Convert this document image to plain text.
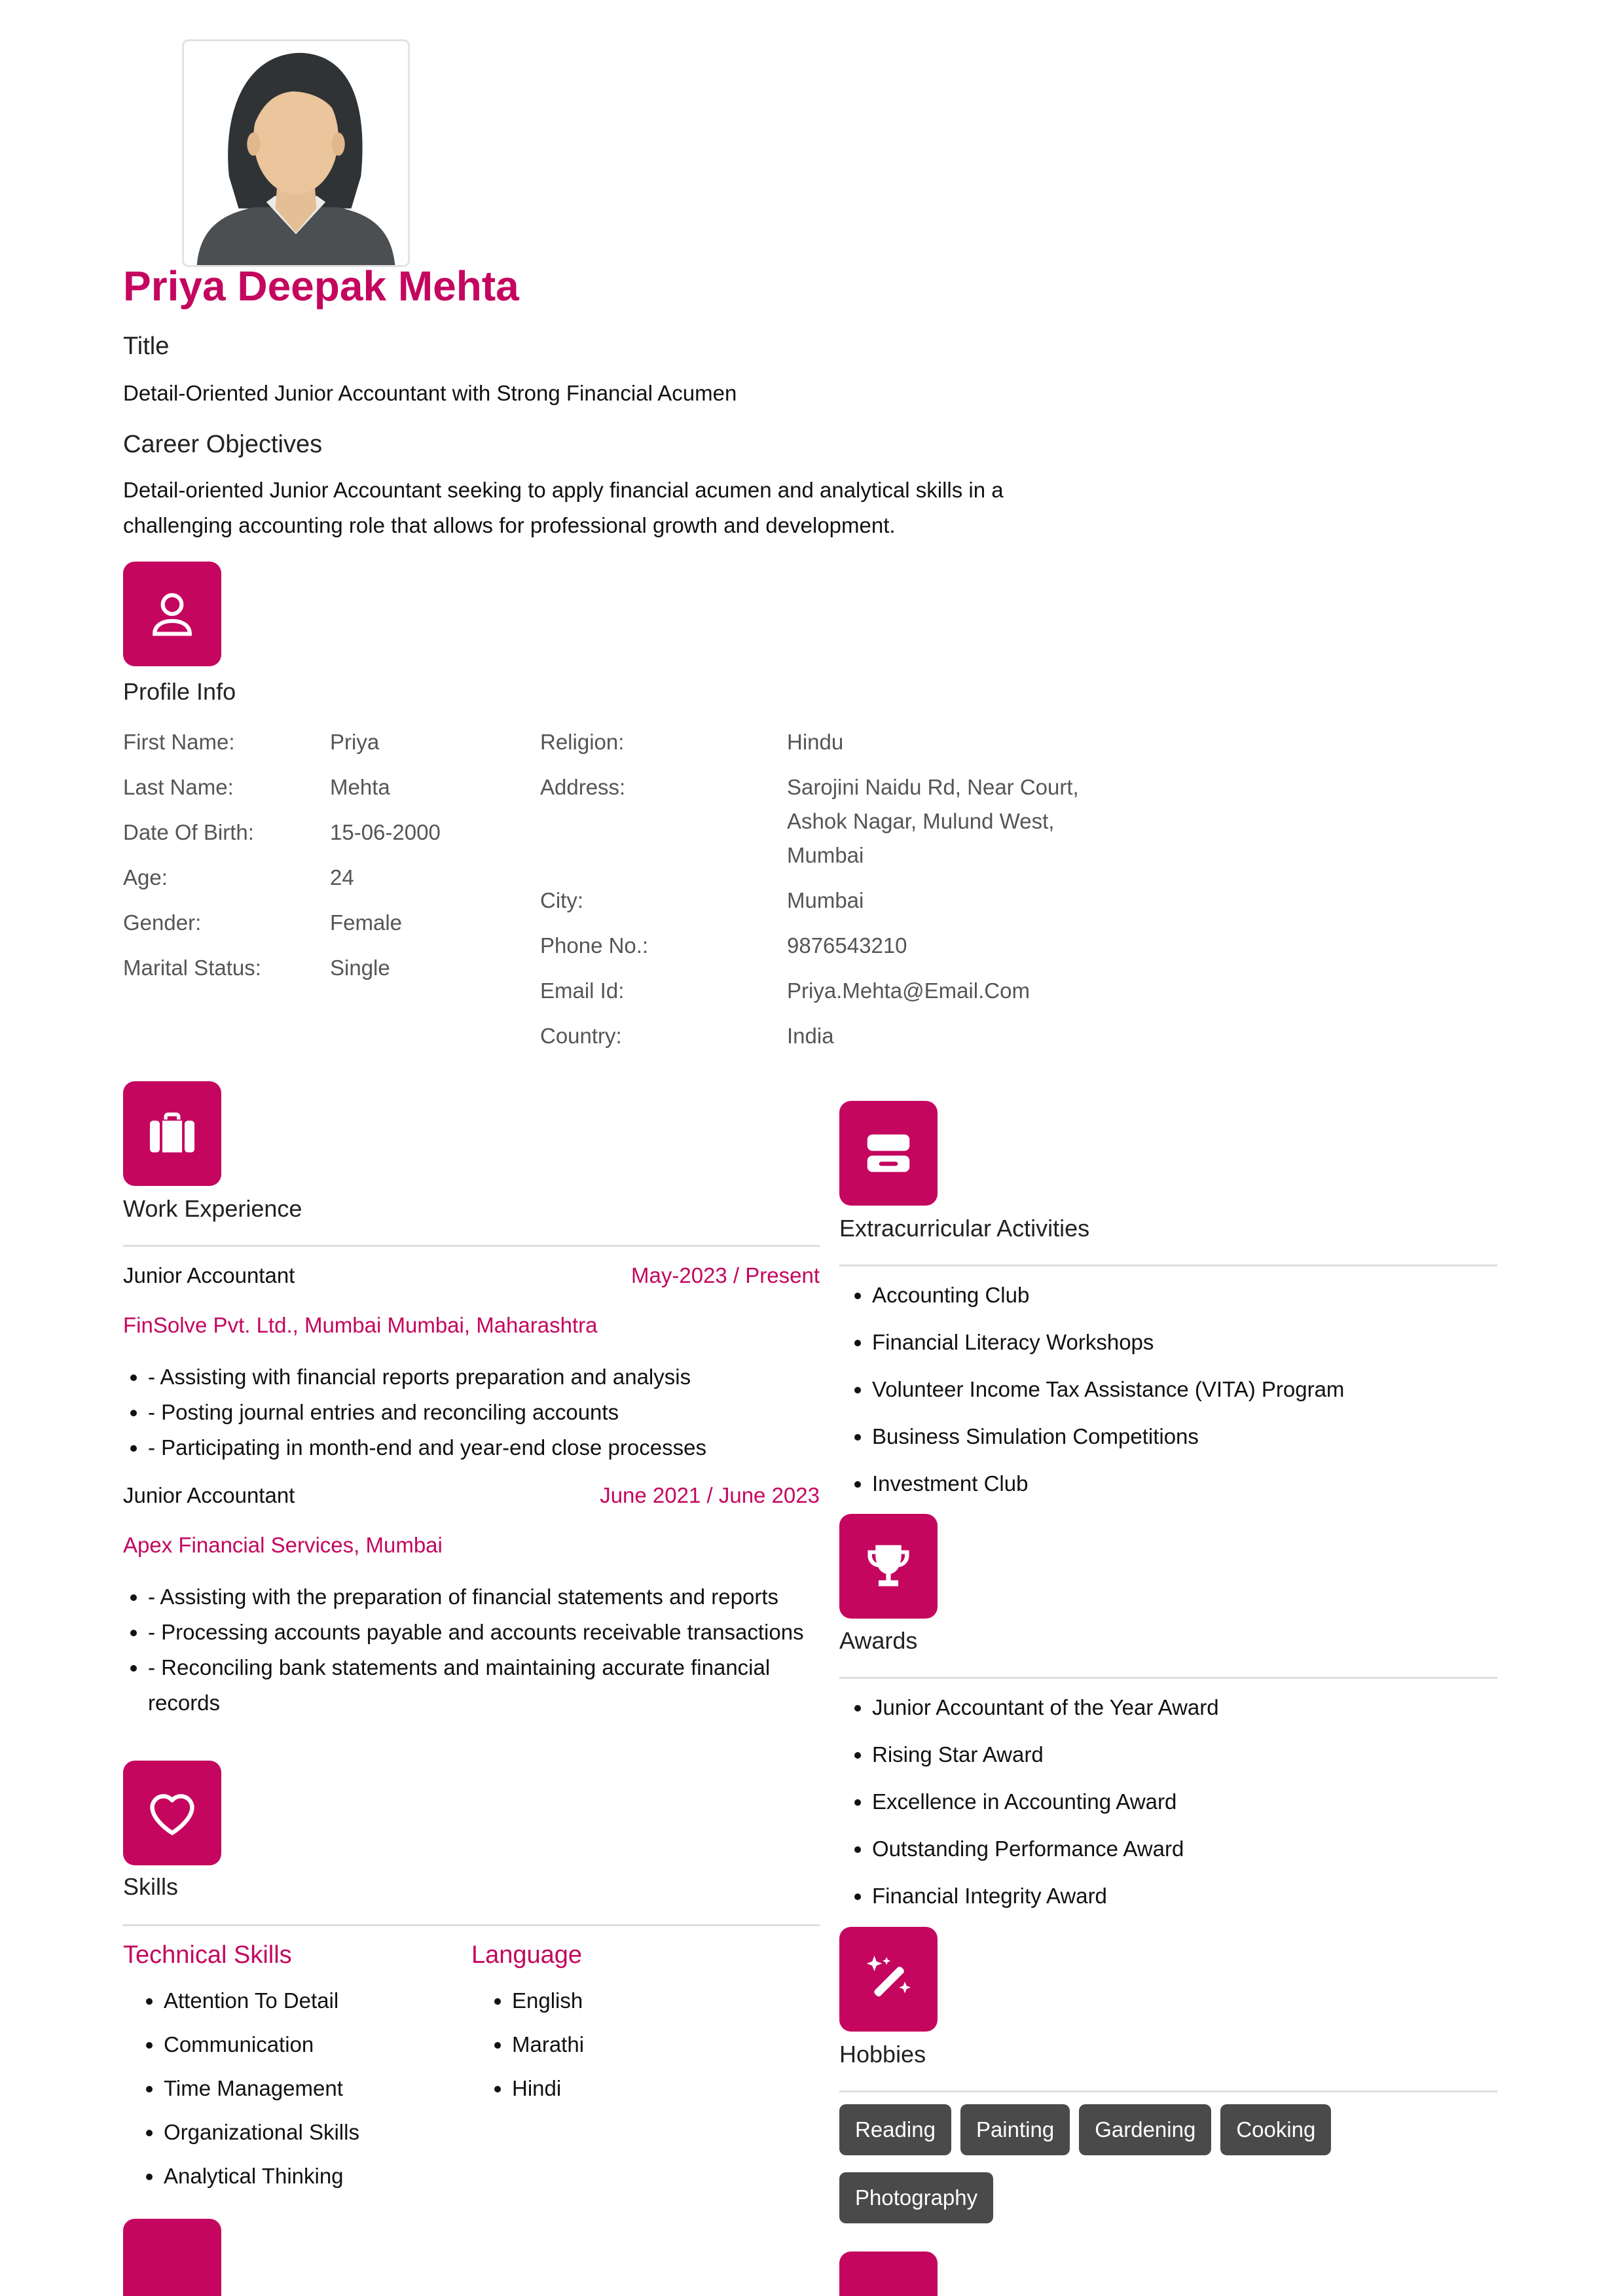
Priya Deepak Mehta
Title
Detail-Oriented Junior Accountant with Strong Financial Acumen
Career Objectives
Detail-oriented Junior Accountant seeking to apply financial acumen and analytical skills in a
challenging accounting role that allows for professional growth and development.
Profile Info
First Name:	Priya
Last Name:	Mehta
Date Of Birth:	15-06-2000
Age:	24
Gender:	Female
Marital Status:	Single
Religion:	Hindu
Address:	Sarojini Naidu Rd, Near Court,
Ashok Nagar, Mulund West,
Mumbai
City:	Mumbai
Phone No.:	9876543210
Email Id:	Priya.Mehta@Email.Com
Country:	India
Work Experience
Junior Accountant	May-2023 / Present
FinSolve Pvt. Ltd., Mumbai Mumbai, Maharashtra
• - Assisting with financial reports preparation and analysis
• - Posting journal entries and reconciling accounts
• - Participating in month-end and year-end close processes
Junior Accountant	June 2021 / June 2023
Apex Financial Services, Mumbai
• - Assisting with the preparation of financial statements and reports
• - Processing accounts payable and accounts receivable transactions
• - Reconciling bank statements and maintaining accurate financial records
Skills
Technical Skills
• Attention To Detail
• Communication
• Time Management
• Organizational Skills
• Analytical Thinking
Language
• English
• Marathi
• Hindi
Extracurricular Activities
• Accounting Club
• Financial Literacy Workshops
• Volunteer Income Tax Assistance (VITA) Program
• Business Simulation Competitions
• Investment Club
Awards
• Junior Accountant of the Year Award
• Rising Star Award
• Excellence in Accounting Award
• Outstanding Performance Award
• Financial Integrity Award
Hobbies
Reading Painting Gardening CookingPhotography
